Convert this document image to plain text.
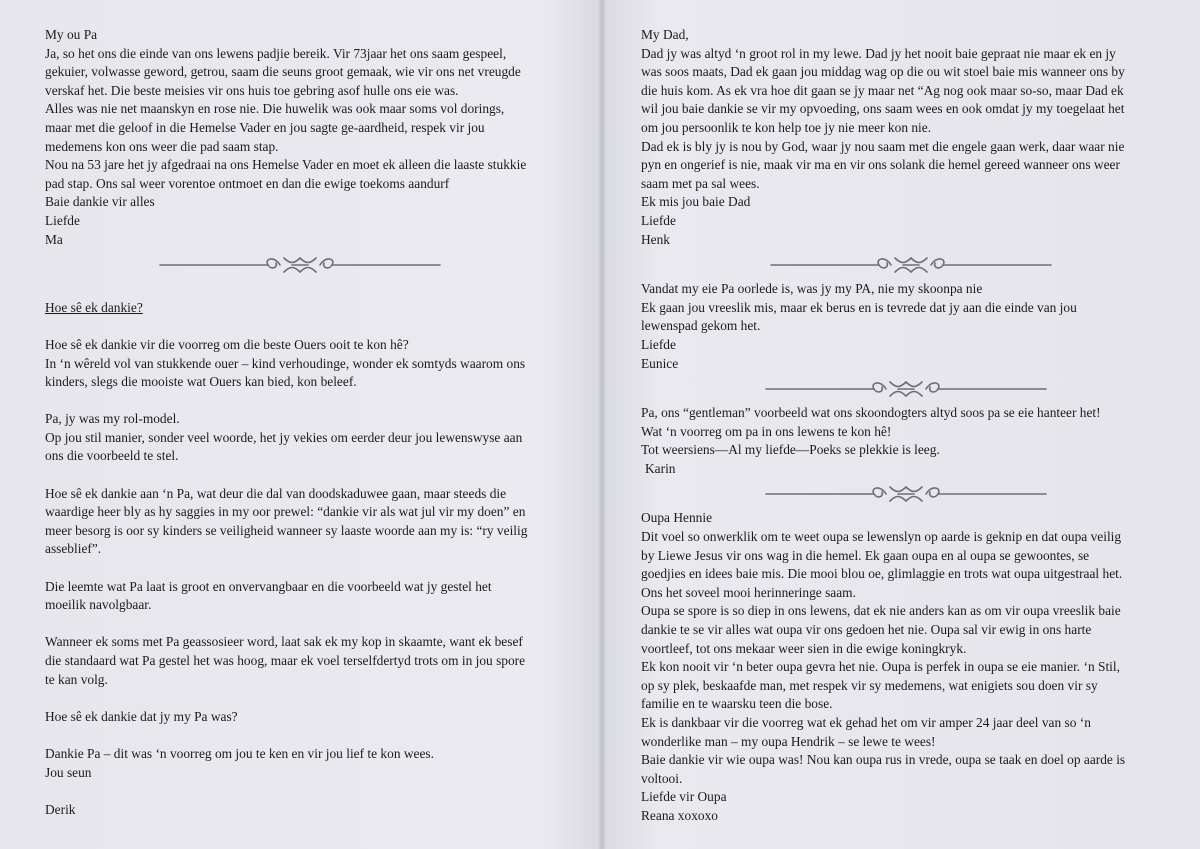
My ou Pa

Ja, so het ons die einde van ons lewens padjie bereik. Vir 73jaar het ons saam gespeel,

gekuier, volwasse geword, getrou, saam die seuns groot gemaak, wie vir ons net vreugde

verskaf het. Die beste meisies vir ons huis toe gebring asof hulle ons eie was.

Alles was nie net maanskyn en rose nie. Die huwelik was ook maar soms vol dorings,

maar met die geloof in die Hemelse Vader en jou sagte ge-aardheid, respek vir jou

medemens kon ons weer die pad saam stap.

Nou na 53 jare het jy afgedraai na ons Hemelse Vader en moet ek alleen die laaste stukkie

pad stap. Ons sal weer vorentoe ontmoet en dan die ewige toekoms aandurf

Baie dankie vir alles

Liefde

Ma

Hoe sê ek dankie?

Hoe sê ek dankie vir die voorreg om die beste Ouers ooit te kon hê?
In ‘n wêreld vol van stukkende ouer – kind verhoudinge, wonder ek somtyds waarom ons
kinders, slegs die mooiste wat Ouers kan bied, kon beleef.

Pa, jy was my rol-model.
Op jou stil manier, sonder veel woorde, het jy vekies om eerder deur jou lewenswyse aan
ons die voorbeeld te stel.

Hoe sê ek dankie aan ‘n Pa, wat deur die dal van doodskaduwee gaan, maar steeds die
waardige heer bly as hy saggies in my oor prewel: “dankie vir als wat jul vir my doen” en
meer besorg is oor sy kinders se veiligheid wanneer sy laaste woorde aan my is: “ry veilig
asseblief”.

Die leemte wat Pa laat is groot en onvervangbaar en die voorbeeld wat jy gestel het
moeilik navolgbaar.

Wanneer ek soms met Pa geassosieer word, laat sak ek my kop in skaamte, want ek besef
die standaard wat Pa gestel het was hoog, maar ek voel terselfdertyd trots om in jou spore
te kan volg.

Hoe sê ek dankie dat jy my Pa was?

Dankie Pa – dit was ‘n voorreg om jou te ken en vir jou lief te kon wees.
Jou seun

Derik

My Dad,

Dad jy was altyd ‘n groot rol in my lewe. Dad jy het nooit baie gepraat nie maar ek en jy

was soos maats, Dad ek gaan jou middag wag op die ou wit stoel baie mis wanneer ons by

die huis kom. As ek vra hoe dit gaan se jy maar net “Ag nog ook maar so-so, maar Dad ek

wil jou baie dankie se vir my opvoeding, ons saam wees en ook omdat jy my toegelaat het

om jou persoonlik te kon help toe jy nie meer kon nie.

Dad ek is bly jy is nou by God, waar jy nou saam met die engele gaan werk, daar waar nie

pyn en ongerief is nie, maak vir ma en vir ons solank die hemel gereed wanneer ons weer

saam met pa sal wees.

Ek mis jou baie Dad

Liefde

Henk

Vandat my eie Pa oorlede is, was jy my PA, nie my skoonpa nie

Ek gaan jou vreeslik mis, maar ek berus en is tevrede dat jy aan die einde van jou

lewenspad gekom het.

Liefde

Eunice

Pa, ons “gentleman” voorbeeld wat ons skoondogters altyd soos pa se eie hanteer het!

Wat ‘n voorreg om pa in ons lewens te kon hê!

Tot weersiens—Al my liefde—Poeks se plekkie is leeg.

Karin

Oupa Hennie

Dit voel so onwerklik om te weet oupa se lewenslyn op aarde is geknip en dat oupa veilig

by Liewe Jesus vir ons wag in die hemel. Ek gaan oupa en al oupa se gewoontes, se

goedjies en idees baie mis. Die mooi blou oe, glimlaggie en trots wat oupa uitgestraal het.

Ons het soveel mooi herinneringe saam.

Oupa se spore is so diep in ons lewens, dat ek nie anders kan as om vir oupa vreeslik baie

dankie te se vir alles wat oupa vir ons gedoen het nie. Oupa sal vir ewig in ons harte

voortleef, tot ons mekaar weer sien in die ewige koningkryk.

Ek kon nooit vir ‘n beter oupa gevra het nie. Oupa is perfek in oupa se eie manier. ‘n Stil,

op sy plek, beskaafde man, met respek vir sy medemens, wat enigiets sou doen vir sy

familie en te waarsku teen die bose.

Ek is dankbaar vir die voorreg wat ek gehad het om vir amper 24 jaar deel van so ‘n

wonderlike man – my oupa Hendrik – se lewe te wees!

Baie dankie vir wie oupa was! Nou kan oupa rus in vrede, oupa se taak en doel op aarde is

voltooi.

Liefde vir Oupa

Reana xoxoxo
